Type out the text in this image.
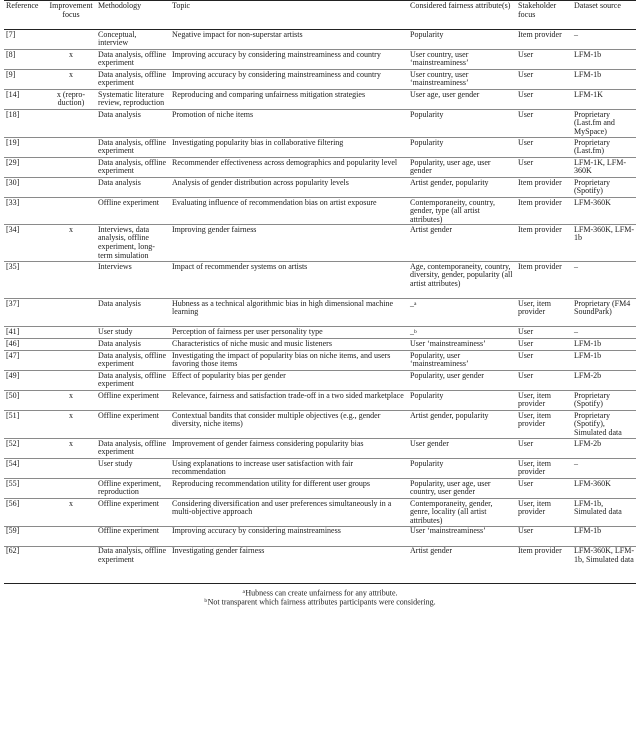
Reference	Improvement focus	Methodology	Topic	Considered fairness attribute(s)	Stakeholder focus	Dataset source
[7]		Conceptual, interview	Negative impact for non-superstar artists	Popularity	Item provider	–
[8]	x	Data analysis, offline experiment	Improving accuracy by considering mainstreaminess and country	User country, user ‘mainstreaminess’	User	LFM-1b
[9]	x	Data analysis, offline experiment	Improving accuracy by considering mainstreaminess and country	User country, user ‘mainstreaminess’	User	LFM-1b
[14]	x (repro-duction)	Systematic literature review, reproduction	Reproducing and comparing unfairness mitigation strategies	User age, user gender	User	LFM-1K
[18]		Data analysis	Promotion of niche items	Popularity	User	Proprietary (Last.fm and MySpace)
[19]		Data analysis, offline experiment	Investigating popularity bias in collaborative filtering	Popularity	User	Proprietary (Last.fm)
[29]		Data analysis, offline experiment	Recommender effectiveness across demographics and popularity level	Popularity, user age, user gender	User	LFM-1K, LFM-360K
[30]		Data analysis	Analysis of gender distribution across popularity levels	Artist gender, popularity	Item provider	Proprietary (Spotify)
[33]		Offline experiment	Evaluating influence of recommendation bias on artist exposure	Contemporaneity, country, gender, type (all artist attributes)	Item provider	LFM-360K
[34]	x	Interviews, data analysis, offline experiment, long-term simulation	Improving gender fairness	Artist gender	Item provider	LFM-360K, LFM-1b
[35]		Interviews	Impact of recommender systems on artists	Age, contemporaneity, country, diversity, gender, popularity (all artist attributes)	Item provider	–
[37]		Data analysis	Hubness as a technical algorithmic bias in high dimensional machine learning	–$^a$	User, item provider	Proprietary (FM4 SoundPark)
[41]		User study	Perception of fairness per user personality type	–$^b$	User	–
[46]		Data analysis	Characteristics of niche music and music listeners	User ‘mainstreaminess’	User	LFM-1b
[47]		Data analysis, offline experiment	Investigating the impact of popularity bias on niche items, and users favoring those items	Popularity, user ‘mainstreaminess’	User	LFM-1b
[49]		Data analysis, offline experiment	Effect of popularity bias per gender	Popularity, user gender	User	LFM-2b
[50]	x	Offline experiment	Relevance, fairness and satisfaction trade-off in a two sided marketplace	Popularity	User, item provider	Proprietary (Spotify)
[51]	x	Offline experiment	Contextual bandits that consider multiple objectives (e.g., gender diversity, niche items)	Artist gender, popularity	User, item provider	Proprietary (Spotify), Simulated data
[52]	x	Data analysis, offline experiment	Improvement of gender fairness considering popularity bias	User gender	User	LFM-2b
[54]		User study	Using explanations to increase user satisfaction with fair recommendation	Popularity	User, item provider	–
[55]		Offline experiment, reproduction	Reproducing recommendation utility for different user groups	Popularity, user age, user country, user gender	User	LFM-360K
[56]	x	Offline experiment	Considering diversification and user preferences simultaneously in a multi-objective approach	Contemporaneity, gender, genre, locality (all artist attributes)	User, item provider	LFM-1b, Simulated data
[59]		Offline experiment	Improving accuracy by considering mainstreaminess	User ‘mainstreaminess’	User	LFM-1b
[62]		Data analysis, offline experiment	Investigating gender fairness	Artist gender	Item provider	LFM-360K, LFM-1b, Simulated data
$^a$Hubness can create unfairness for any attribute.
$^b$Not transparent which fairness attributes participants were considering.
